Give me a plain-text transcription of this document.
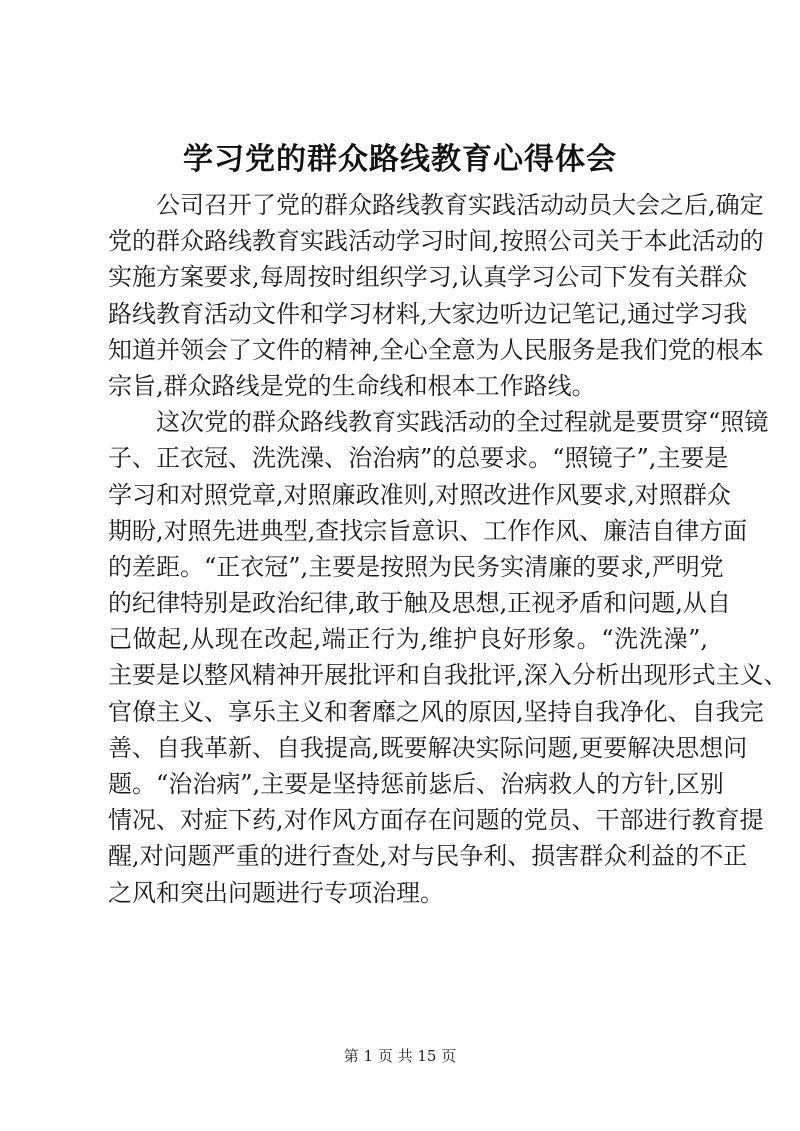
学习党的群众路线教育心得体会
公司召开了党的群众路线教育实践活动动员大会之后,确定
党的群众路线教育实践活动学习时间,按照公司关于本此活动的
实施方案要求,每周按时组织学习,认真学习公司下发有关群众
路线教育活动文件和学习材料,大家边听边记笔记,通过学习我
知道并领会了文件的精神,全心全意为人民服务是我们党的根本
宗旨,群众路线是党的生命线和根本工作路线。
这次党的群众路线教育实践活动的全过程就是要贯穿“照镜
子、正衣冠、洗洗澡、治治病”的总要求。“照镜子”,主要是
学习和对照党章,对照廉政准则,对照改进作风要求,对照群众
期盼,对照先进典型,查找宗旨意识、工作作风、廉洁自律方面
的差距。“正衣冠”,主要是按照为民务实清廉的要求,严明党
的纪律特别是政治纪律,敢于触及思想,正视矛盾和问题,从自
己做起,从现在改起,端正行为,维护良好形象。“洗洗澡”,
主要是以整风精神开展批评和自我批评,深入分析出现形式主义、
官僚主义、享乐主义和奢靡之风的原因,坚持自我净化、自我完
善、自我革新、自我提高,既要解决实际问题,更要解决思想问
题。“治治病”,主要是坚持惩前毖后、治病救人的方针,区别
情况、对症下药,对作风方面存在问题的党员、干部进行教育提
醒,对问题严重的进行查处,对与民争利、损害群众利益的不正
之风和突出问题进行专项治理。
第 1 页 共 15 页
